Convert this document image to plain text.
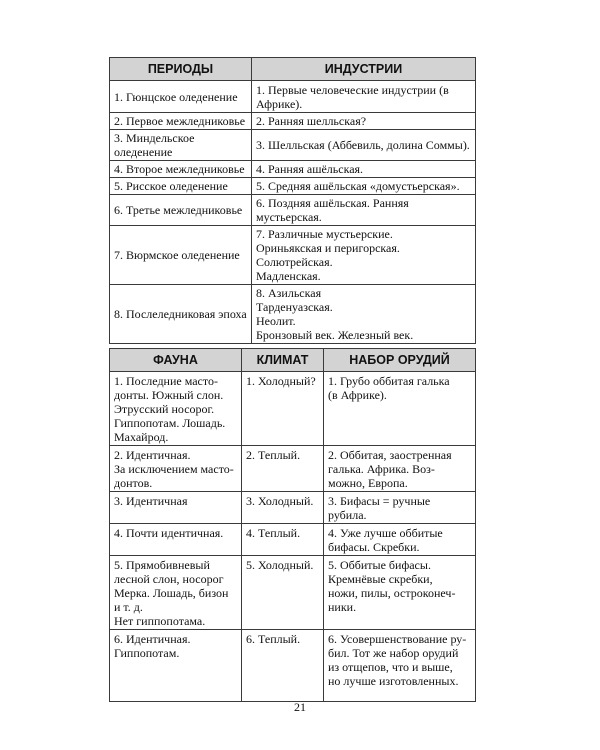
ПЕРИОДЫ	ИНДУСТРИИ
1. Гюнцское оледенение	1. Первые человеческие индустрии (в Африке).
2. Первое межледниковье	2. Ранняя шелльская?
3. Миндельское оледенение	3. Шелльская (Аббевиль, долина Соммы).
4. Второе межледниковье	4. Ранняя ашёльская.
5. Рисское оледенение	5. Средняя ашёльская «домустьерская».
6. Третье межледниковье	6. Поздняя ашёльская. Ранняя мустьерская.
7. Вюрмское оледенение	7. Различные мустьерские.
Ориньякская и перигорская.
Солютрейская.
Мадленская.
8. Послеледниковая эпоха	8. Азильская
Тарденуазская.
Неолит.
Бронзовый век. Железный век.
ФАУНА	КЛИМАТ	НАБОР ОРУДИЙ
1. Последние масто-
донты. Южный слон.
Этрусский носорог.
Гиппопотам. Лошадь.
Махайрод.	1. Холодный?	1. Грубо оббитая галька
(в Африке).
2. Идентичная.
За исключением масто-
донтов.	2. Теплый.	2. Оббитая, заостренная
галька. Африка. Воз-
можно, Европа.
3. Идентичная	3. Холодный.	3. Бифасы = ручные
рубила.
4. Почти идентичная.	4. Теплый.	4. Уже лучше оббитые
бифасы. Скребки.
5. Прямобивневый
лесной слон, носорог
Мерка. Лошадь, бизон
и т. д.
Нет гиппопотама.	5. Холодный.	5. Оббитые бифасы.
Кремнёвые скребки,
ножи, пилы, остроконеч-
ники.
6. Идентичная.
Гиппопотам.	6. Теплый.	6. Усовершенствование ру-
бил. Тот же набор орудий
из отщепов, что и выше,
но лучше изготовленных.
21
